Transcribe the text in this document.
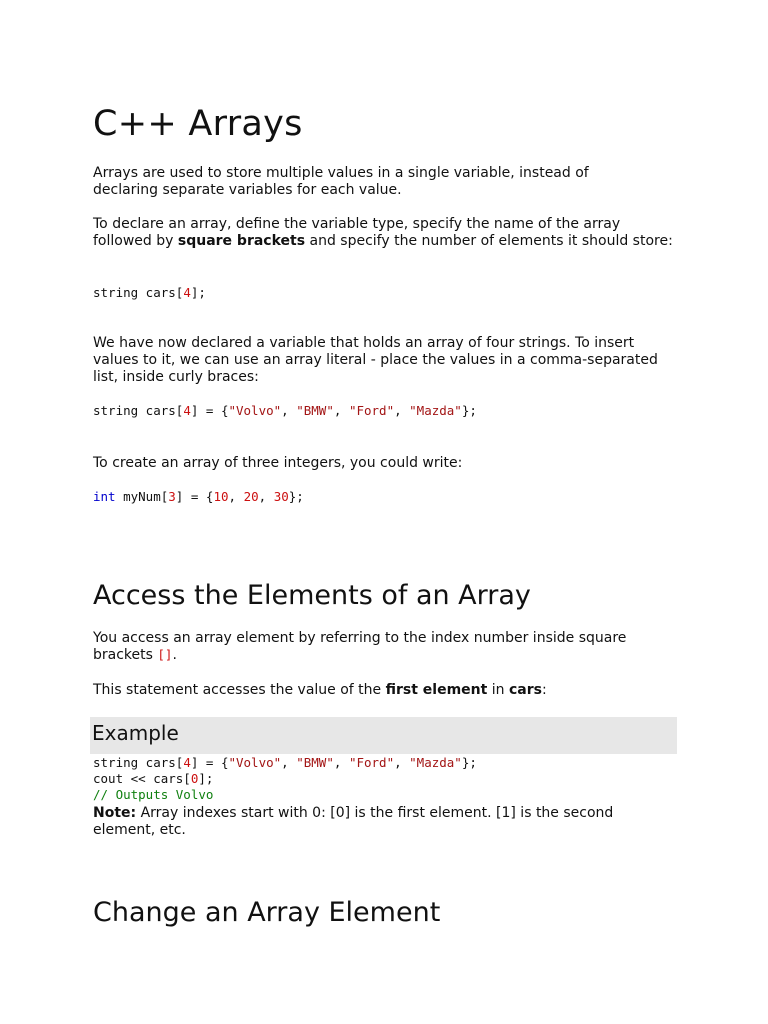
C++ Arrays

Arrays are used to store multiple values in a single variable, instead of declaring separate variables for each value.

To declare an array, define the variable type, specify the name of the array followed by square brackets and specify the number of elements it should store:

string cars[4];

We have now declared a variable that holds an array of four strings. To insert values to it, we can use an array literal - place the values in a comma-separated list, inside curly braces:

string cars[4] = {"Volvo", "BMW", "Ford", "Mazda"};

To create an array of three integers, you could write:

int myNum[3] = {10, 20, 30};
Access the Elements of an Array

You access an array element by referring to the index number inside square brackets [].

This statement accesses the value of the first element in cars:

Example
string cars[4] = {"Volvo", "BMW", "Ford", "Mazda"};
cout << cars[0];
// Outputs Volvo

Note: Array indexes start with 0: [0] is the first element. [1] is the second element, etc.

Change an Array Element
